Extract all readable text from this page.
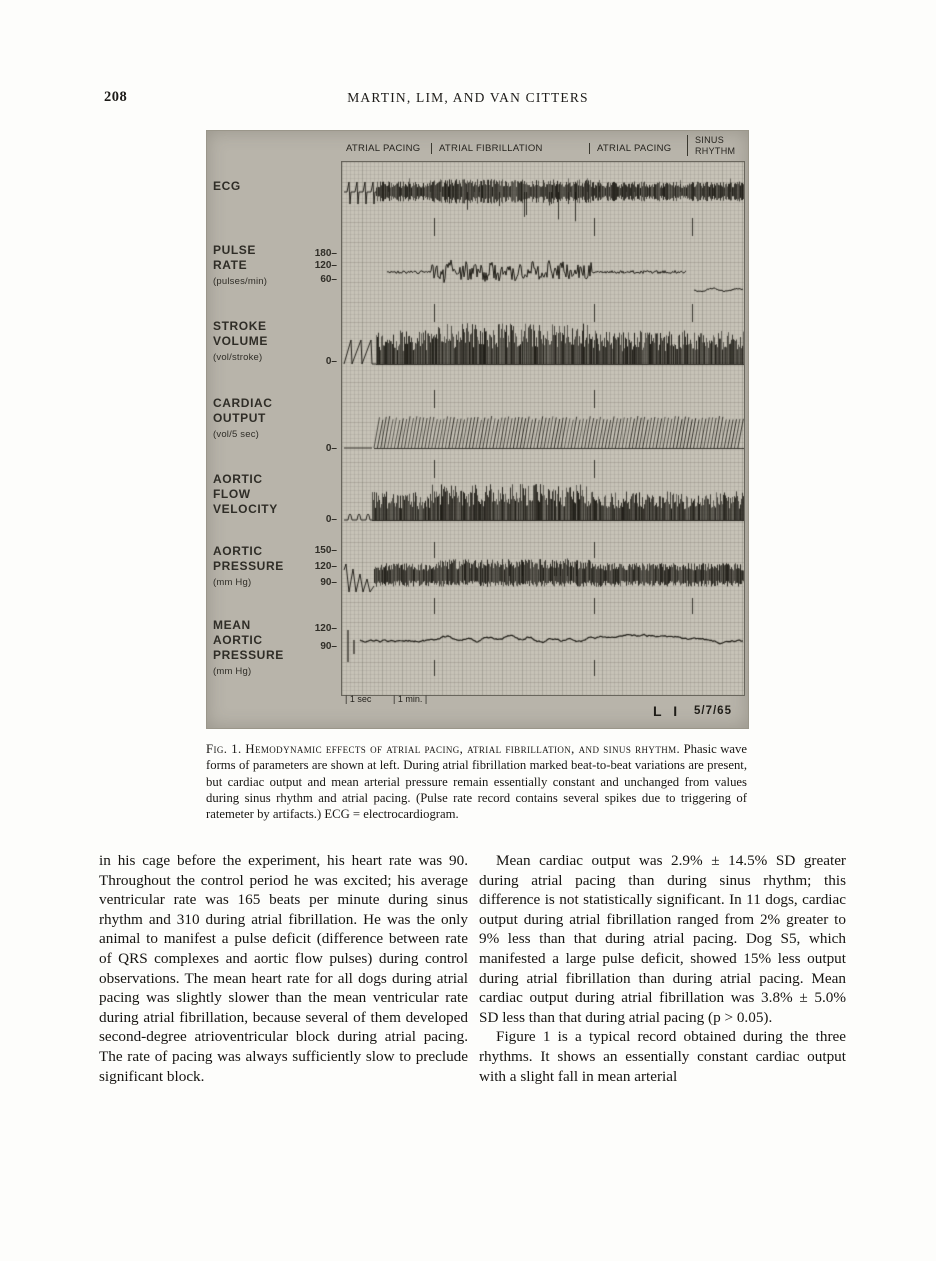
208	MARTIN, LIM, AND VAN CITTERS
ATRIAL PACING	ATRIAL FIBRILLATION	ATRIAL PACING
SINUS
RHYTHM
ECG
PULSE
RATE
(pulses/min)
STROKE
VOLUME
(vol/stroke)
CARDIAC
OUTPUT
(vol/5 sec)
AORTIC
FLOW
VELOCITY
AORTIC
PRESSURE
(mm Hg)
MEAN
AORTIC
PRESSURE
(mm Hg)
180–
120–
60–
0–
0–
0–
150–
120–
90–
120–
90–
| 1 sec | 1 min. |
L I 5/7/65
Fig. 1. Hemodynamic effects of atrial pacing, atrial fibrillation, and sinus rhythm. Phasic wave forms of parameters are shown at left. During atrial fibrillation marked beat-to-beat variations are present, but cardiac output and mean arterial pressure remain essentially constant and unchanged from values during sinus rhythm and atrial pacing. (Pulse rate record contains several spikes due to triggering of ratemeter by artifacts.) ECG = electrocardiogram.

in his cage before the experiment, his heart rate was 90. Throughout the control period he was excited; his average ventricular rate was 165 beats per minute during sinus rhythm and 310 during atrial fibrillation. He was the only animal to manifest a pulse deficit (difference between rate of QRS complexes and aortic flow pulses) during control observations. The mean heart rate for all dogs during atrial pacing was slightly slower than the mean ventricular rate during atrial fibrillation, because several of them developed second-degree atrioventricular block during atrial pacing. The rate of pacing was always sufficiently slow to preclude significant block.

Mean cardiac output was 2.9% ± 14.5% SD greater during atrial pacing than during sinus rhythm; this difference is not statistically significant. In 11 dogs, cardiac output during atrial fibrillation ranged from 2% greater to 9% less than that during atrial pacing. Dog S5, which manifested a large pulse deficit, showed 15% less output during atrial fibrillation than during atrial pacing. Mean cardiac output during atrial fibrillation was 3.8% ± 5.0% SD less than that during atrial pacing (p > 0.05).

Figure 1 is a typical record obtained during the three rhythms. It shows an essentially constant cardiac output with a slight fall in mean arterial
